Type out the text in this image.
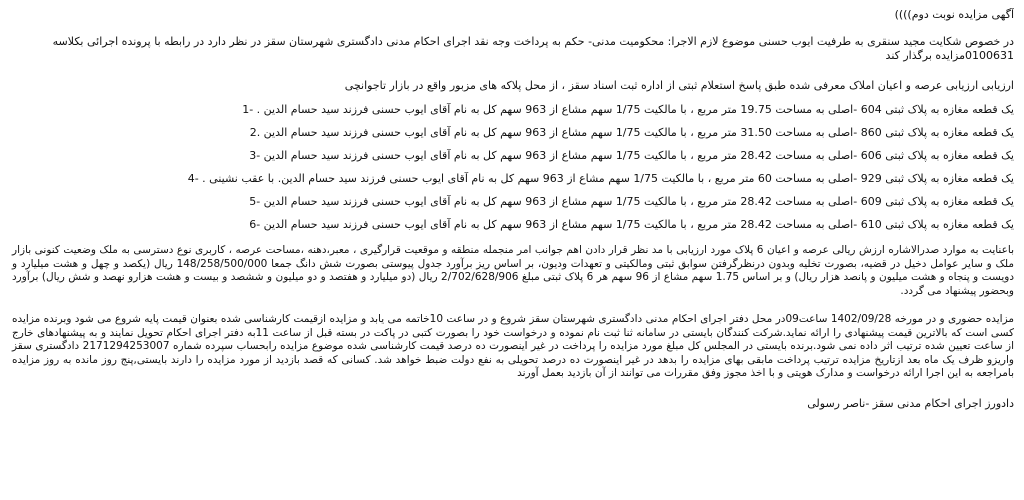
آگهی مزایده نوبت دوم))))
در خصوص شکایت مجید سنقری به طرفیت ایوب حسنی موضوع لازم الاجرا: محکومیت مدنی- حکم به پرداخت وجه نقد اجرای احکام مدنی دادگستری شهرستان سقز در نظر دارد در رابطه با پرونده اجرائی بکلاسه
0100631مزایده برگذار کند
ارزیابی ارزیابی عرصه و اعیان املاک معرفی شده طبق پاسخ استعلام ثبتی از اداره ثبت اسناد سقز ، از محل پلاکه های مزبور واقع در بازار تاجوانچی
یک قطعه مغازه به پلاک ثبتی 604 -اصلی به مساحت 19.75 متر مربع ، با مالکیت 1/75 سهم مشاع از 963 سهم کل به نام آقای ایوب حسنی فرزند سید حسام الدین . -1
یک قطعه مغازه به پلاک ثبتی 860 -اصلی به مساحت 31.50 متر مربع ، با مالکیت 1/75 سهم مشاع از 963 سهم کل به نام آقای ایوب حسنی فرزند سید حسام الدین .2
یک قطعه مغازه به پلاک ثبتی 606 -اصلی به مساحت 28.42 متر مربع ، با مالکیت 1/75 سهم مشاع از 963 سهم کل به نام آقای ایوب حسنی فرزند سید حسام الدین -3
یک قطعه مغازه به پلاک ثبتی 929 -اصلی به مساحت 60 متر مربع ، با مالکیت 1/75 سهم مشاع از 963 سهم کل به نام آقای ایوب حسنی فرزند سید حسام الدین. با عقب نشینی . -4
یک قطعه مغازه به پلاک ثبتی 609 -اصلی به مساحت 28.42 متر مربع ، با مالکیت 1/75 سهم مشاع از 963 سهم کل به نام آقای ایوب حسنی فرزند سید حسام الدین -5
یک قطعه مغازه به پلاک ثبتی 610 -اصلی به مساحت 28.42 متر مربع ، با مالکیت 1/75 سهم مشاع از 963 سهم کل به نام آقای ایوب حسنی فرزند سید حسام الدین -6
باعنایت به موارد صدرالاشاره ارزش ریالی عرصه و اعیان 6 پلاک مورد ارزیابی با مد نظر قرار دادن اهم جوانب امر منجمله منطقه و موقعیت قرارگیری ، معبر،دهنه ،مساحت عرصه ، کاربری نوع دسترسی به ملک وضعیت کنونی بازار ملک و سایر عوامل دخیل در قضیه، بصورت تخلیه وبدون درنظرگرفتن سوابق ثبتی ومالکیتی و تعهدات ودیون، بر اساس ریز برآورد جدول پیوستی بصورت شش دانگ جمعا 148/258/500/000 ریال (یکصد و چهل و هشت میلیارد و دویست و پنجاه و هشت میلیون و پانصد هزار ریال) و بر اساس 1.75 سهم مشاع از 96 سهم هر 6 پلاک ثبتی مبلغ 2/702/628/906 ریال (دو میلیارد و هفتصد و دو میلیون و ششصد و بیست و هشت هزارو نهصد و شش ریال) برآورد وبحضور پیشنهاد می گردد.
مزایده حضوری و در مورخه 1402/09/28 ساعت09در محل دفتر اجرای احکام مدنی دادگستری شهرستان سقز شروع و در ساعت 10خاتمه می یابد و مزایده ازقیمت کارشناسی شده بعنوان قیمت پایه شروع می شود وبرنده مزایده کسی است که بالاترین قیمت پیشنهادی را ارائه نماید.شرکت کنندگان بایستی در سامانه ثنا ثبت نام نموده و درخواست خود را بصورت کتبی در پاکت در بسته قبل از ساعت 11به دفتر اجرای احکام تحویل نمایند و به پیشنهادهای خارج از ساعت تعیین شده ترتیب اثر داده نمی شود.برنده بایستی در المجلس کل مبلغ مورد مزایده را پرداخت در غیر اینصورت ده درصد قیمت کارشناسی شده موضوع مزایده رابحساب سپرده شماره 2171294253007 دادگستری سقز واریزو ظرف یک ماه بعد ازتاریخ مزایده ترتیب پرداخت مابقی بهای مزایده را بدهد در غیر اینصورت ده درصد تحویلی به نفع دولت ضبط خواهد شد. کسانی که قصد بازدید از مورد مزایده را دارند بایستی,پنج روز مانده به روز مزایده بامراجعه به این اجرا ارائه درخواست و مدارک هویتی و با اخذ مجوز وفق مقررات می توانند از آن بازدید بعمل آورند
دادورز اجرای احکام مدنی سقز -ناصر رسولی
